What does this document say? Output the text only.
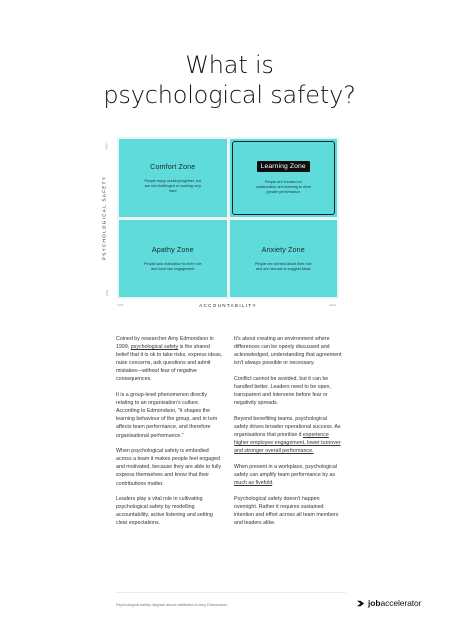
What is
psychological safety?
PSYCHOLOGICAL SAFETY
HIGH
LOW
Comfort Zone
People enjoy working together, but are not challenged or working very hard
Learning Zone
People are focused on collaboration and learning to drive greater performance
Apathy Zone
People lack motivation for their role and have low engagement
Anxiety Zone
People are worried about their role and are nervous to suggest ideas
LOW	ACCOUNTABILITY	HIGH

Coined by researcher Amy Edmondson in 1999, psychological safety is the shared belief that it is ok to take risks, express ideas, raise concerns, ask questions and admit mistakes—without fear of negative consequences.

It is a group-level phenomenon directly relating to an organisation's culture. According to Edmondson, "it shapes the learning behaviour of the group, and in turn affects team performance, and therefore organisational performance."

When psychological safety is embodied across a team it makes people feel engaged and motivated, because they are able to fully express themselves and know that their contributions matter.

Leaders play a vital role in cultivating psychological safety by modelling accountability, active listening and setting clear expectations.

It's about creating an environment where differences can be openly discussed and acknowledged, understanding that agreement isn't always possible or necessary.

Conflict cannot be avoided, but it can be handled better. Leaders need to be open, transparent and intervene before fear or negativity spreads.

Beyond benefiting teams, psychological safety drives broader operational success. As organisations that prioritise it experience higher employee engagement, lower turnover and stronger overall performance.

When present in a workplace, psychological safety can amplify team performance by as much as fivefold.

Psychological safety doesn't happen overnight. Rather it requires sustained intention and effort across all team members and leaders alike.

Psychological safety diagram above attributed to Amy Edmondson	jobaccelerator
